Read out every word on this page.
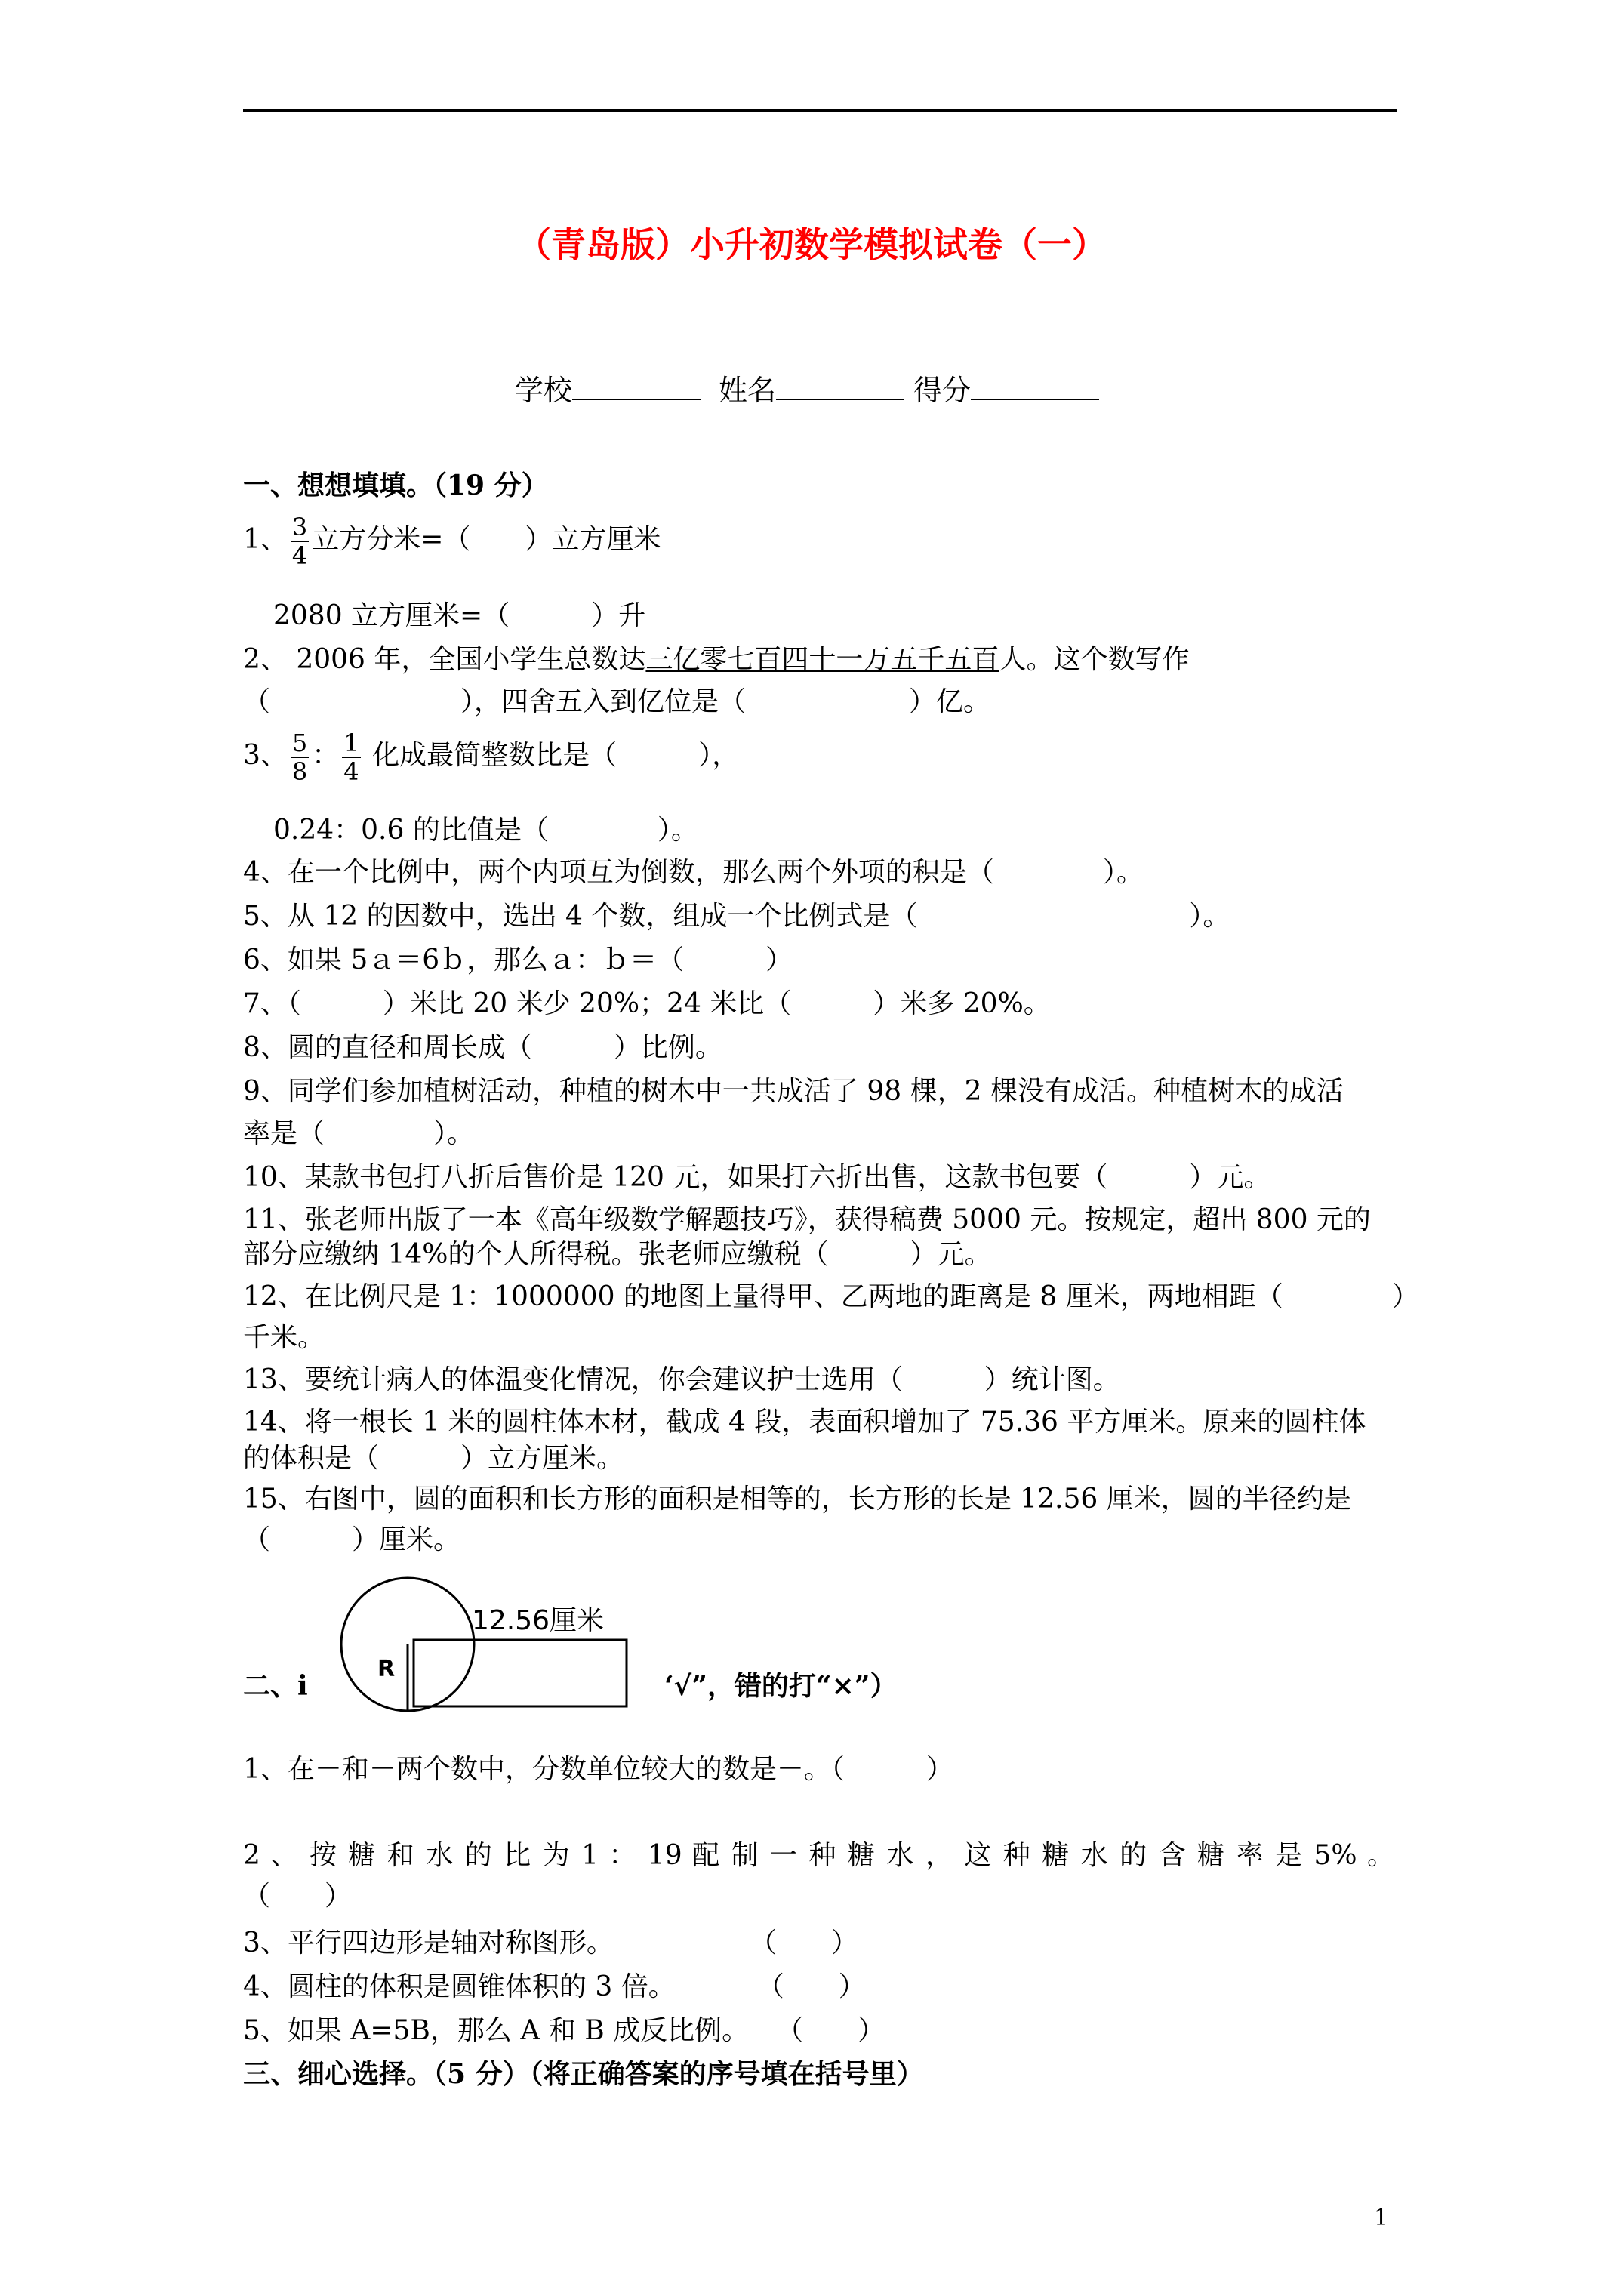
（青岛版）小升初数学模拟试卷（一）
学校	姓名	得分
一、想想填填。（19 分）
1、 $\frac{3}{4}$ 立方分米=（　　）立方厘米
2080 立方厘米=（　　　）升
2、 2006 年，全国小学生总数达三亿零七百四十一万五千五百人。这个数写作
（　　　　　　　），四舍五入到亿位是（　　　　　　）亿。
3、 $\frac{5}{8}$ ： $\frac{1}{4}$ 化成最简整数比是（　　　），
0.24：0.6 的比值是（　　　　）。
4、在一个比例中，两个内项互为倒数，那么两个外项的积是（　　　　）。
5、从 12 的因数中，选出 4 个数，组成一个比例式是（　　　　　　　　　　）。
6、如果 5ａ＝6ｂ，那么ａ：ｂ＝（　　　）
7、（　　　）米比 20 米少 20%；24 米比（　　　）米多 20%。
8、圆的直径和周长成（　　　）比例。
9、同学们参加植树活动，种植的树木中一共成活了 98 棵，2 棵没有成活。种植树木的成活
率是（　　　　）。
10、某款书包打八折后售价是 120 元，如果打六折出售，这款书包要（　　　）元。
11、张老师出版了一本《高年级数学解题技巧》，获得稿费 5000 元。按规定，超出 800 元的
部分应缴纳 14%的个人所得税。张老师应缴税（　　　）元。
12、在比例尺是 1：1000000 的地图上量得甲、乙两地的距离是 8 厘米，两地相距（　　　　）
千米。
13、要统计病人的体温变化情况，你会建议护士选用（　　　）统计图。
14、将一根长 1 米的圆柱体木材，截成 4 段，表面积增加了 75.36 平方厘米。原来的圆柱体
的体积是（　　　）立方厘米。
15、右图中，圆的面积和长方形的面积是相等的，长方形的长是 12.56 厘米，圆的半径约是
（　　　）厘米。
12.56厘米
R
二、i	‘√”，错的打“×”）
1、在－和－两个数中，分数单位较大的数是－。（　　　）
2 、 按 糖 和 水 的 比 为 1 ： 19 配 制 一 种 糖 水 ， 这 种 糖 水 的 含 糖 率 是 5% 。
（　　）
3、平行四边形是轴对称图形。　　　　　　（　　）
4、圆柱的体积是圆锥体积的 3 倍。　　　　（　　）
5、如果 A=5B，那么 A 和 B 成反比例。　　（　　）
三、细心选择。（5 分）（将正确答案的序号填在括号里）
1
